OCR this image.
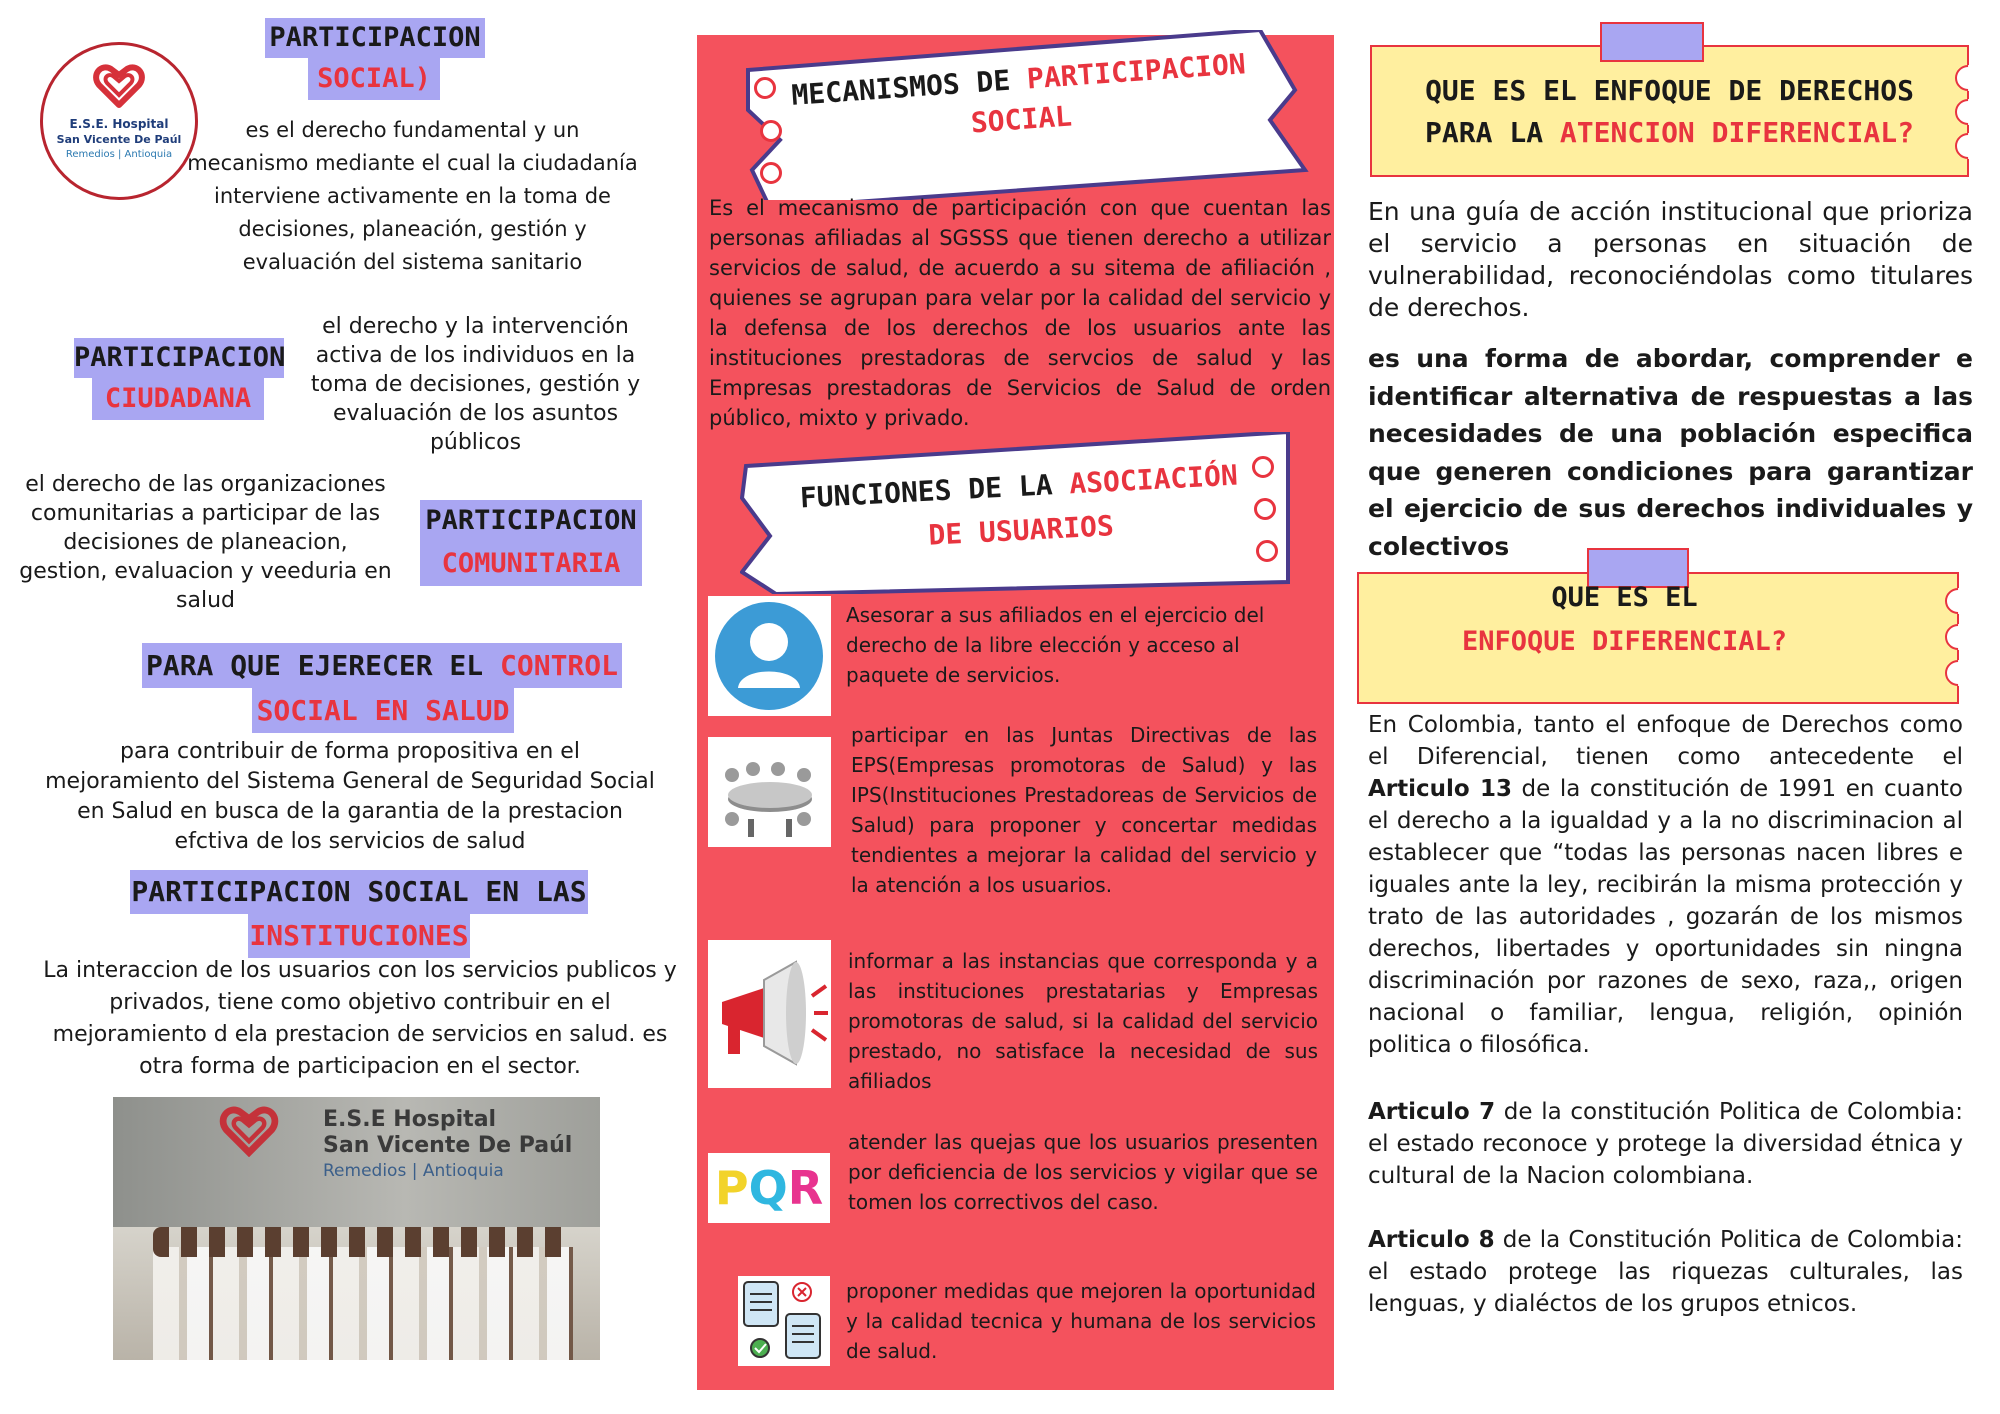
E.S.E. Hospital
San Vicente De Paúl
Remedios | Antioquia
PARTICIPACION
SOCIAL)
es el derecho fundamental y un mecanismo mediante el cual la ciudadanía interviene activamente en la toma de decisiones, planeación, gestión y evaluación del sistema sanitario
PARTICIPACION
CIUDADANA
el derecho y la intervención activa de los individuos en la toma de decisiones, gestión y evaluación de los asuntos públicos
el derecho de las organizaciones comunitarias a participar de las decisiones de planeacion, gestion, evaluacion y veeduria en salud
PARTICIPACION
COMUNITARIA
PARA QUE EJERECER EL CONTROL
SOCIAL EN SALUD
para contribuir de forma propositiva en el mejoramiento del Sistema General de Seguridad Social en Salud en busca de la garantia de la prestacion efctiva de los servicios de salud
PARTICIPACION SOCIAL EN LAS
INSTITUCIONES
La interaccion de los usuarios con los servicios publicos y privados, tiene como objetivo contribuir en el mejoramiento d ela prestacion de servicios en salud. es otra forma de participacion en el sector.
E.S.E Hospital
San Vicente De Paúl
Remedios | Antioquia
MECANISMOS DE PARTICIPACION
SOCIAL
Es el mecanismo de participación con que cuentan las personas afiliadas al SGSSS que tienen derecho a utilizar servicios de salud, de acuerdo a su sitema de afiliación , quienes se agrupan para velar por la calidad del servicio y la defensa de los derechos de los usuarios ante las instituciones prestadoras de servcios de salud y las Empresas prestadoras de Servicios de Salud de orden público, mixto y privado.
FUNCIONES DE LA ASOCIACIÓN
DE USUARIOS
Asesorar a sus afiliados en el ejercicio del derecho de la libre elección y acceso al paquete de servicios.
participar en las Juntas Directivas de las EPS(Empresas promotoras de Salud) y las IPS(Instituciones Prestadoreas de Servicios de Salud) para proponer y concertar medidas tendientes a mejorar la calidad del servicio y la atención a los usuarios.
informar a las instancias que corresponda y a las instituciones prestatarias y Empresas promotoras de salud, si la calidad del servicio prestado, no satisface la necesidad de sus afiliados
PQR
atender las quejas que los usuarios presenten por deficiencia de los servicios y vigilar que se tomen los correctivos del caso.
proponer medidas que mejoren la oportunidad y la calidad tecnica y humana de los servicios de salud.
QUE ES EL ENFOQUE DE DERECHOS
PARA LA ATENCION DIFERENCIAL?
En una guía de acción institucional que prioriza el servicio a personas en situación de vulnerabilidad, reconociéndolas como titulares de derechos.
es una forma de abordar, comprender e identificar alternativa de respuestas a las necesidades de una población especifica que generen condiciones para garantizar el ejercicio de sus derechos individuales y colectivos
QUE ES EL
ENFOQUE DIFERENCIAL?
En Colombia, tanto el enfoque de Derechos como el Diferencial, tienen como antecedente el Articulo 13 de la constitución de 1991 en cuanto el derecho a la igualdad y a la no discriminacion al establecer que “todas las personas nacen libres e iguales ante la ley, recibirán la misma protección y trato de las autoridades , gozarán de los mismos derechos, libertades y oportunidades sin ningna discriminación por razones de sexo, raza,, origen nacional o familiar, lengua, religión, opinión politica o filosófica.
Articulo 7 de la constitución Politica de Colombia: el estado reconoce y protege la diversidad étnica y cultural de la Nacion colombiana.
Articulo 8 de la Constitución Politica de Colombia: el estado protege las riquezas culturales, las lenguas, y dialéctos de los grupos etnicos.
